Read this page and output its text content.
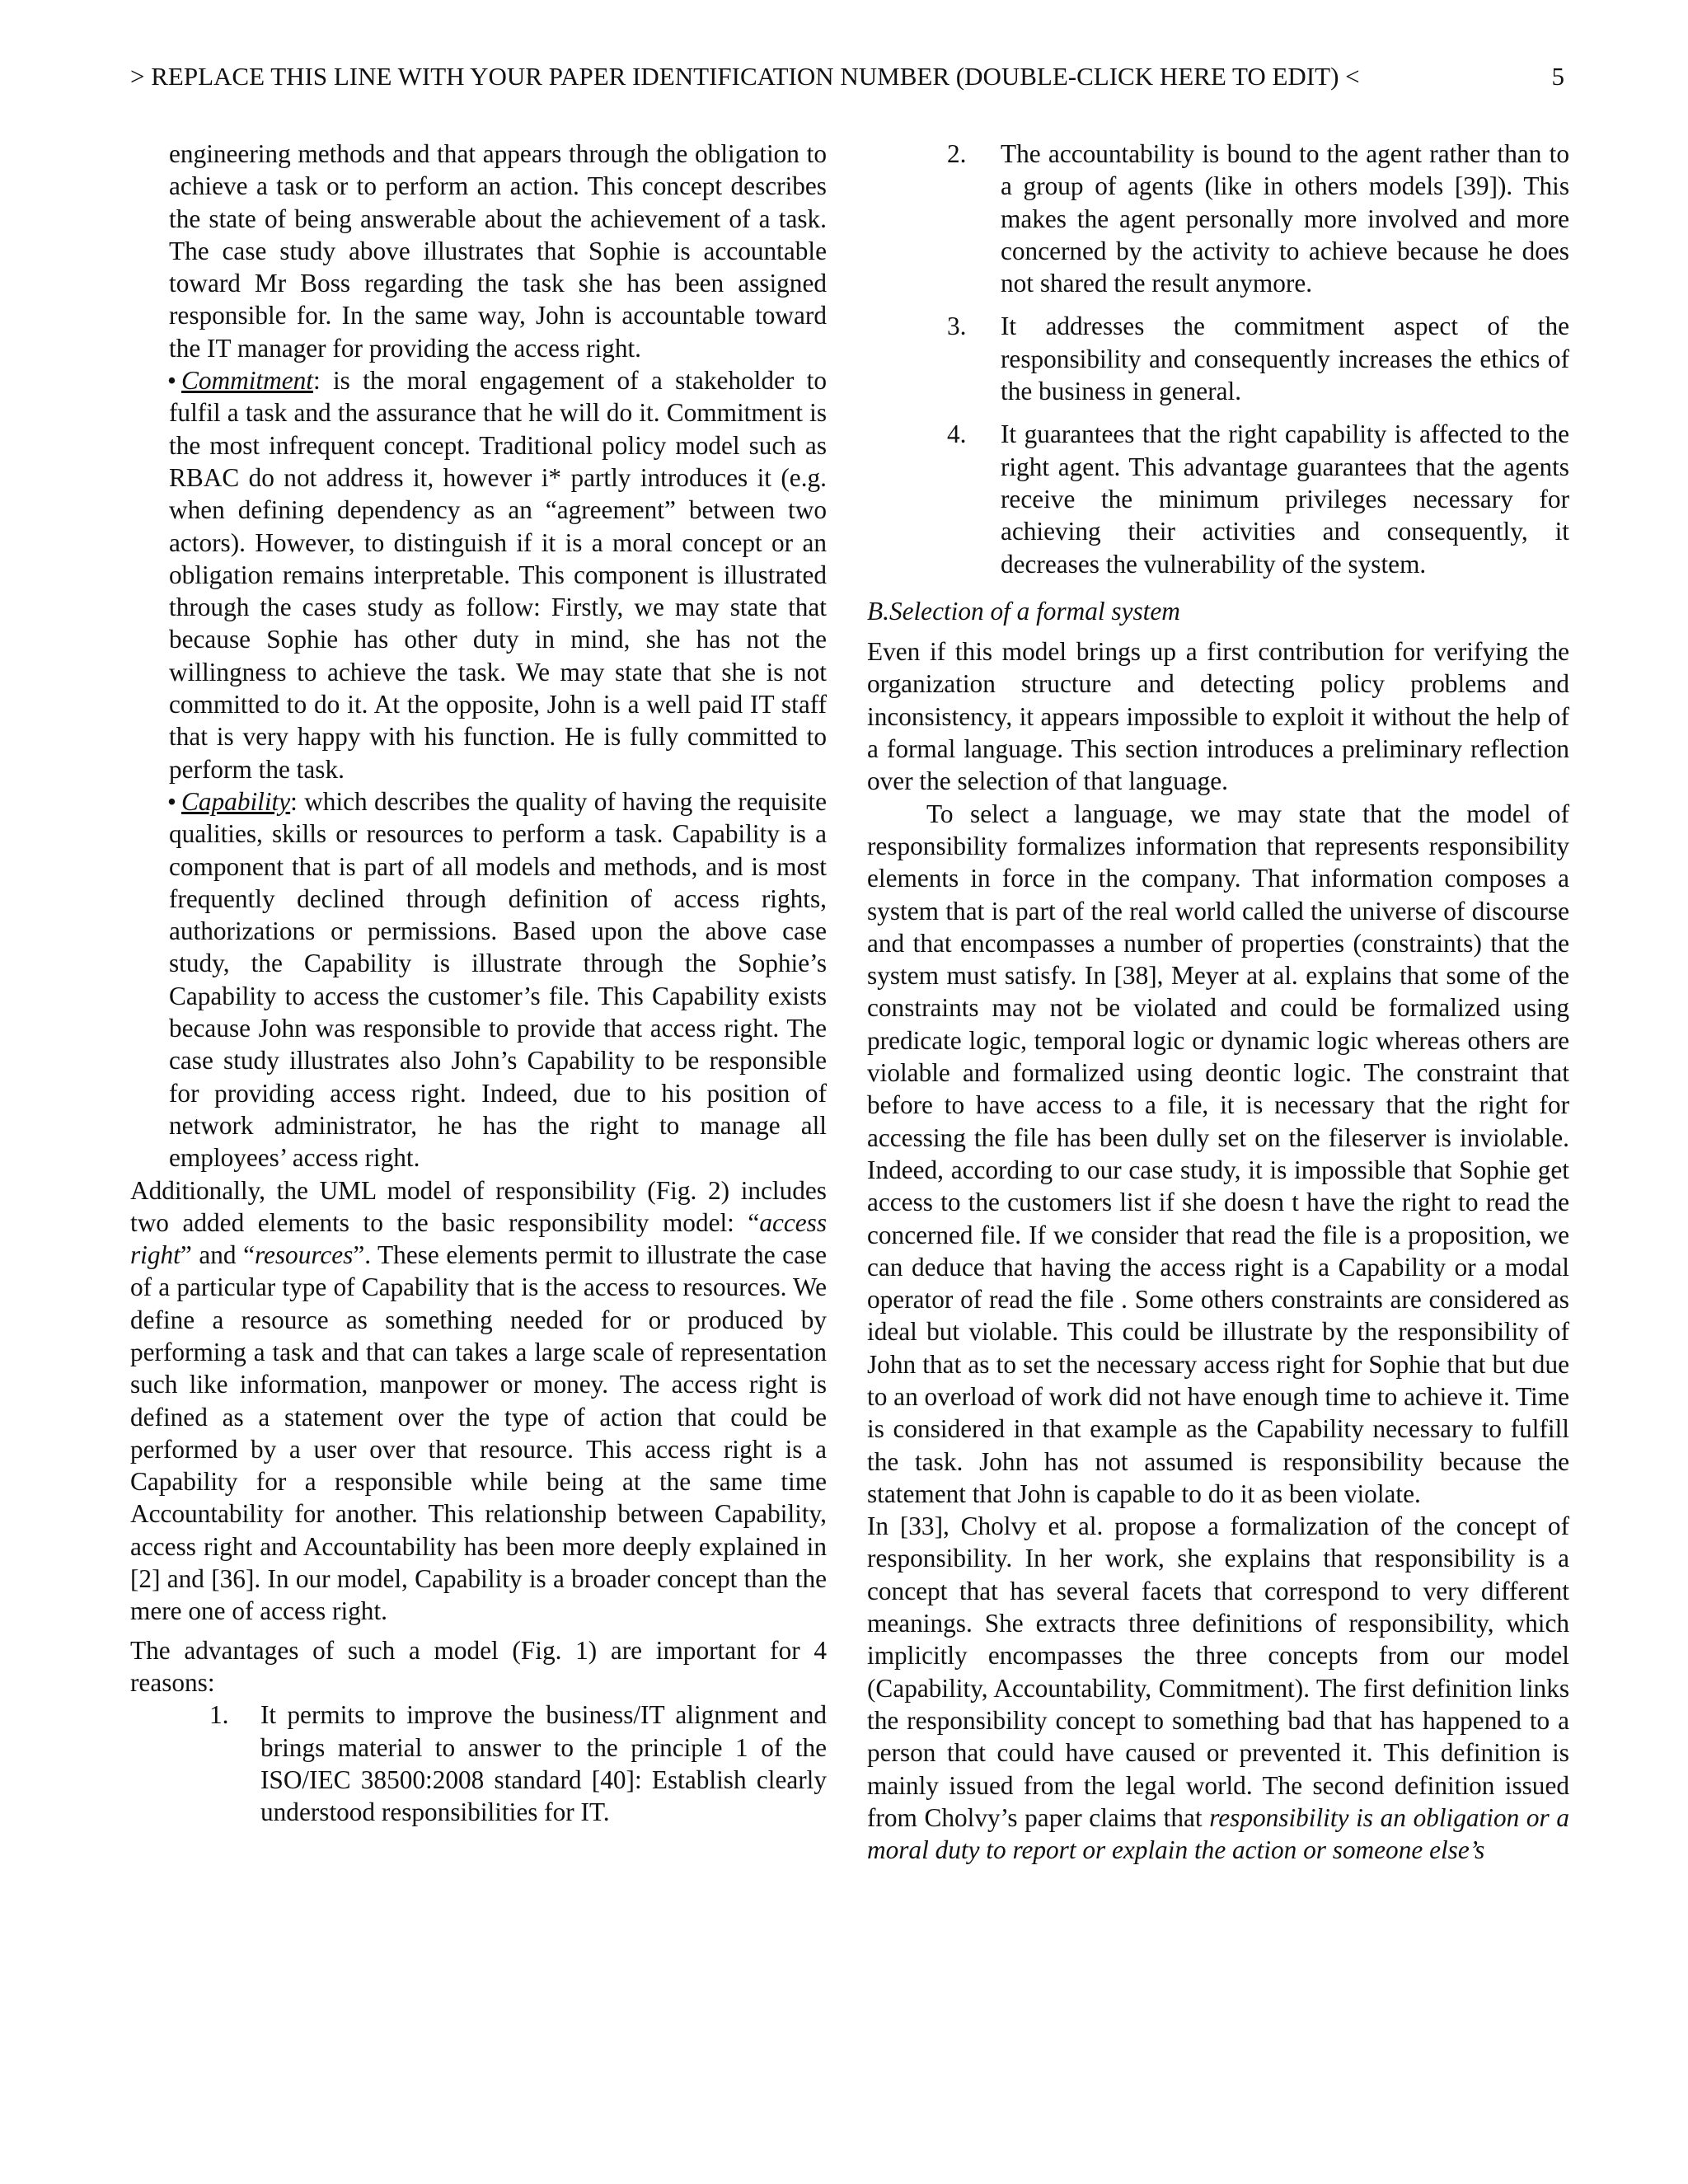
> REPLACE THIS LINE WITH YOUR PAPER IDENTIFICATION NUMBER (DOUBLE-CLICK HERE TO EDIT) <	5

engineering methods and that appears through the obligation to achieve a task or to perform an action. This concept describes the state of being answerable about the achievement of a task. The case study above illustrates that Sophie is accountable toward Mr Boss regarding the task she has been assigned responsible for. In the same way, John is accountable toward the IT manager for providing the access right.

• Commitment: is the moral engagement of a stakeholder to fulfil a task and the assurance that he will do it. Commitment is the most infrequent concept. Traditional policy model such as RBAC do not address it, however i* partly introduces it (e.g. when defining dependency as an “agreement” between two actors). However, to distinguish if it is a moral concept or an obligation remains interpretable. This component is illustrated through the cases study as follow: Firstly, we may state that because Sophie has other duty in mind, she has not the willingness to achieve the task. We may state that she is not committed to do it. At the opposite, John is a well paid IT staff that is very happy with his function. He is fully committed to perform the task.

• Capability: which describes the quality of having the requisite qualities, skills or resources to perform a task. Capability is a component that is part of all models and methods, and is most frequently declined through definition of access rights, authorizations or permissions. Based upon the above case study, the Capability is illustrate through the Sophie’s Capability to access the customer’s file. This Capability exists because John was responsible to provide that access right. The case study illustrates also John’s Capability to be responsible for providing access right. Indeed, due to his position of network administrator, he has the right to manage all employees’ access right.

Additionally, the UML model of responsibility (Fig. 2) includes two added elements to the basic responsibility model: “access right” and “resources”. These elements permit to illustrate the case of a particular type of Capability that is the access to resources. We define a resource as something needed for or produced by performing a task and that can takes a large scale of representation such like information, manpower or money. The access right is defined as a statement over the type of action that could be performed by a user over that resource. This access right is a Capability for a responsible while being at the same time Accountability for another. This relationship between Capability, access right and Accountability has been more deeply explained in [2] and [36]. In our model, Capability is a broader concept than the mere one of access right.

The advantages of such a model (Fig. 1) are important for 4 reasons:

1.	It permits to improve the business/IT alignment and brings material to answer to the principle 1 of the ISO/IEC 38500:2008 standard [40]: Establish clearly understood responsibilities for IT.
2.	The accountability is bound to the agent rather than to a group of agents (like in others models [39]). This makes the agent personally more involved and more concerned by the activity to achieve because he does not shared the result anymore.
3.	It addresses the commitment aspect of the responsibility and consequently increases the ethics of the business in general.
4.	It guarantees that the right capability is affected to the right agent. This advantage guarantees that the agents receive the minimum privileges necessary for achieving their activities and consequently, it decreases the vulnerability of the system.
B.Selection of a formal system

Even if this model brings up a first contribution for verifying the organization structure and detecting policy problems and inconsistency, it appears impossible to exploit it without the help of a formal language. This section introduces a preliminary reflection over the selection of that language.

To select a language, we may state that the model of responsibility formalizes information that represents responsibility elements in force in the company. That information composes a system that is part of the real world called the universe of discourse and that encompasses a number of properties (constraints) that the system must satisfy. In [38], Meyer at al. explains that some of the constraints may not be violated and could be formalized using predicate logic, temporal logic or dynamic logic whereas others are violable and formalized using deontic logic. The constraint that before to have access to a file, it is necessary that the right for accessing the file has been dully set on the fileserver is inviolable. Indeed, according to our case study, it is impossible that Sophie get access to the customers list if she doesn t have the right to read the concerned file. If we consider that read the file is a proposition, we can deduce that having the access right is a Capability or a modal operator of read the file . Some others constraints are considered as ideal but violable. This could be illustrate by the responsibility of John that as to set the necessary access right for Sophie that but due to an overload of work did not have enough time to achieve it. Time is considered in that example as the Capability necessary to fulfill the task. John has not assumed is responsibility because the statement that John is capable to do it as been violate.

In [33], Cholvy et al. propose a formalization of the concept of responsibility. In her work, she explains that responsibility is a concept that has several facets that correspond to very different meanings. She extracts three definitions of responsibility, which implicitly encompasses the three concepts from our model (Capability, Accountability, Commitment). The first definition links the responsibility concept to something bad that has happened to a person that could have caused or prevented it. This definition is mainly issued from the legal world. The second definition issued from Cholvy’s paper claims that responsibility is an obligation or a moral duty to report or explain the action or someone else’s
